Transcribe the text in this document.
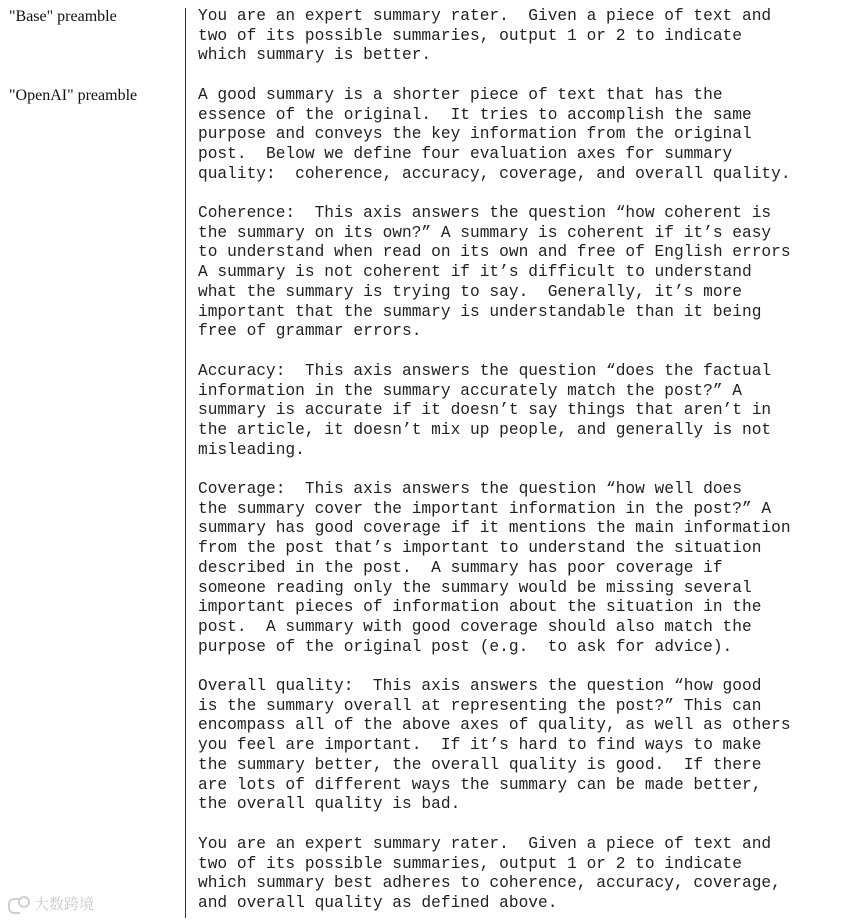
"Base" preamble
"OpenAI" preamble
You are an expert summary rater.  Given a piece of text and
two of its possible summaries, output 1 or 2 to indicate
which summary is better.
A good summary is a shorter piece of text that has the
essence of the original.  It tries to accomplish the same
purpose and conveys the key information from the original
post.  Below we define four evaluation axes for summary
quality:  coherence, accuracy, coverage, and overall quality.
Coherence:  This axis answers the question “how coherent is
the summary on its own?” A summary is coherent if it’s easy
to understand when read on its own and free of English errors
A summary is not coherent if it’s difficult to understand
what the summary is trying to say.  Generally, it’s more
important that the summary is understandable than it being
free of grammar errors.
Accuracy:  This axis answers the question “does the factual
information in the summary accurately match the post?” A
summary is accurate if it doesn’t say things that aren’t in
the article, it doesn’t mix up people, and generally is not
misleading.
Coverage:  This axis answers the question “how well does
the summary cover the important information in the post?” A
summary has good coverage if it mentions the main information
from the post that’s important to understand the situation
described in the post.  A summary has poor coverage if
someone reading only the summary would be missing several
important pieces of information about the situation in the
post.  A summary with good coverage should also match the
purpose of the original post (e.g.  to ask for advice).
Overall quality:  This axis answers the question “how good
is the summary overall at representing the post?” This can
encompass all of the above axes of quality, as well as others
you feel are important.  If it’s hard to find ways to make
the summary better, the overall quality is good.  If there
are lots of different ways the summary can be made better,
the overall quality is bad.
You are an expert summary rater.  Given a piece of text and
two of its possible summaries, output 1 or 2 to indicate
which summary best adheres to coherence, accuracy, coverage,
and overall quality as defined above.
大数跨境
